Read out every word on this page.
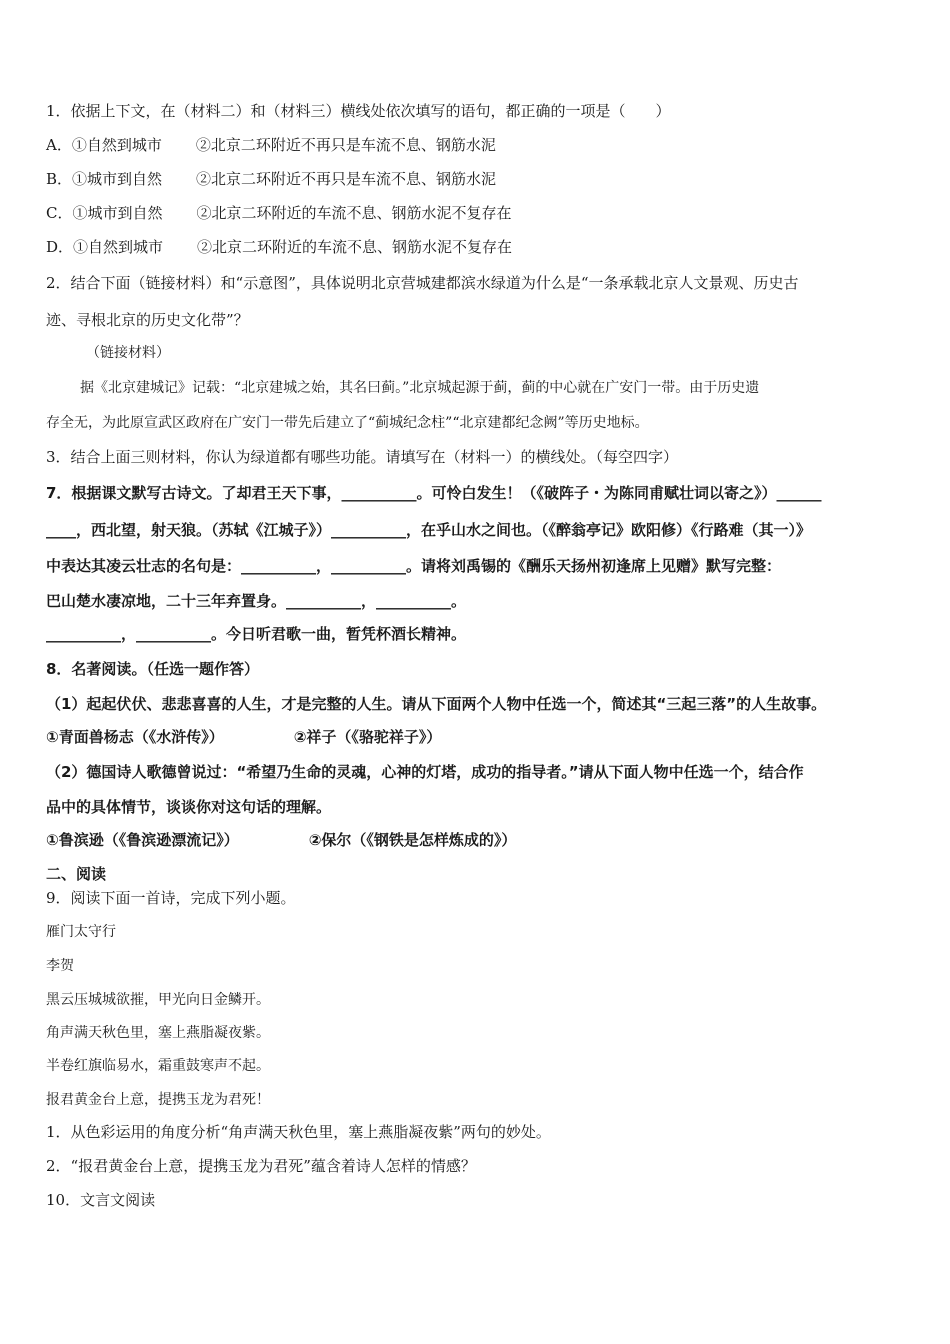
1．依据上下文，在（材料二）和（材料三）横线处依次填写的语句，都正确的一项是（　　）
A．①自然到城市 ②北京二环附近不再只是车流不息、钢筋水泥
B．①城市到自然 ②北京二环附近不再只是车流不息、钢筋水泥
C．①城市到自然 ②北京二环附近的车流不息、钢筋水泥不复存在
D．①自然到城市 ②北京二环附近的车流不息、钢筋水泥不复存在
2．结合下面（链接材料）和“示意图”，具体说明北京营城建都滨水绿道为什么是“一条承载北京人文景观、历史古
迹、寻根北京的历史文化带”？
（链接材料）
据《北京建城记》记载：“北京建城之始，其名曰蓟。”北京城起源于蓟，蓟的中心就在广安门一带。由于历史遗
存全无，为此原宣武区政府在广安门一带先后建立了“蓟城纪念柱”“北京建都纪念阙”等历史地标。
3．结合上面三则材料，你认为绿道都有哪些功能。请填写在（材料一）的横线处。（每空四字）
7．根据课文默写古诗文。了却君王天下事，__________。可怜白发生！（《破阵子・为陈同甫赋壮词以寄之》）______
____，西北望，射天狼。（苏轼《江城子》）__________，在乎山水之间也。（《醉翁亭记》欧阳修）《行路难（其一）》
中表达其凌云壮志的名句是：__________，__________。请将刘禹锡的《酬乐天扬州初逢席上见赠》默写完整：
巴山楚水凄凉地，二十三年弃置身。__________，__________。
__________，__________。今日听君歌一曲，暂凭杯酒长精神。
8．名著阅读。（任选一题作答）
（1）起起伏伏、悲悲喜喜的人生，才是完整的人生。请从下面两个人物中任选一个，简述其“三起三落”的人生故事。
①青面兽杨志（《水浒传》）	②祥子（《骆驼祥子》）
（2）德国诗人歌德曾说过：“希望乃生命的灵魂，心神的灯塔，成功的指导者。”请从下面人物中任选一个，结合作
品中的具体情节，谈谈你对这句话的理解。
①鲁滨逊（《鲁滨逊漂流记》）	②保尔（《钢铁是怎样炼成的》）
二、阅读
9．阅读下面一首诗，完成下列小题。
雁门太守行
李贺
黑云压城城欲摧，甲光向日金鳞开。
角声满天秋色里，塞上燕脂凝夜紫。
半卷红旗临易水，霜重鼓寒声不起。
报君黄金台上意，提携玉龙为君死！
1．从色彩运用的角度分析“角声满天秋色里，塞上燕脂凝夜紫”两句的妙处。
2．“报君黄金台上意，提携玉龙为君死”蕴含着诗人怎样的情感？
10．文言文阅读
